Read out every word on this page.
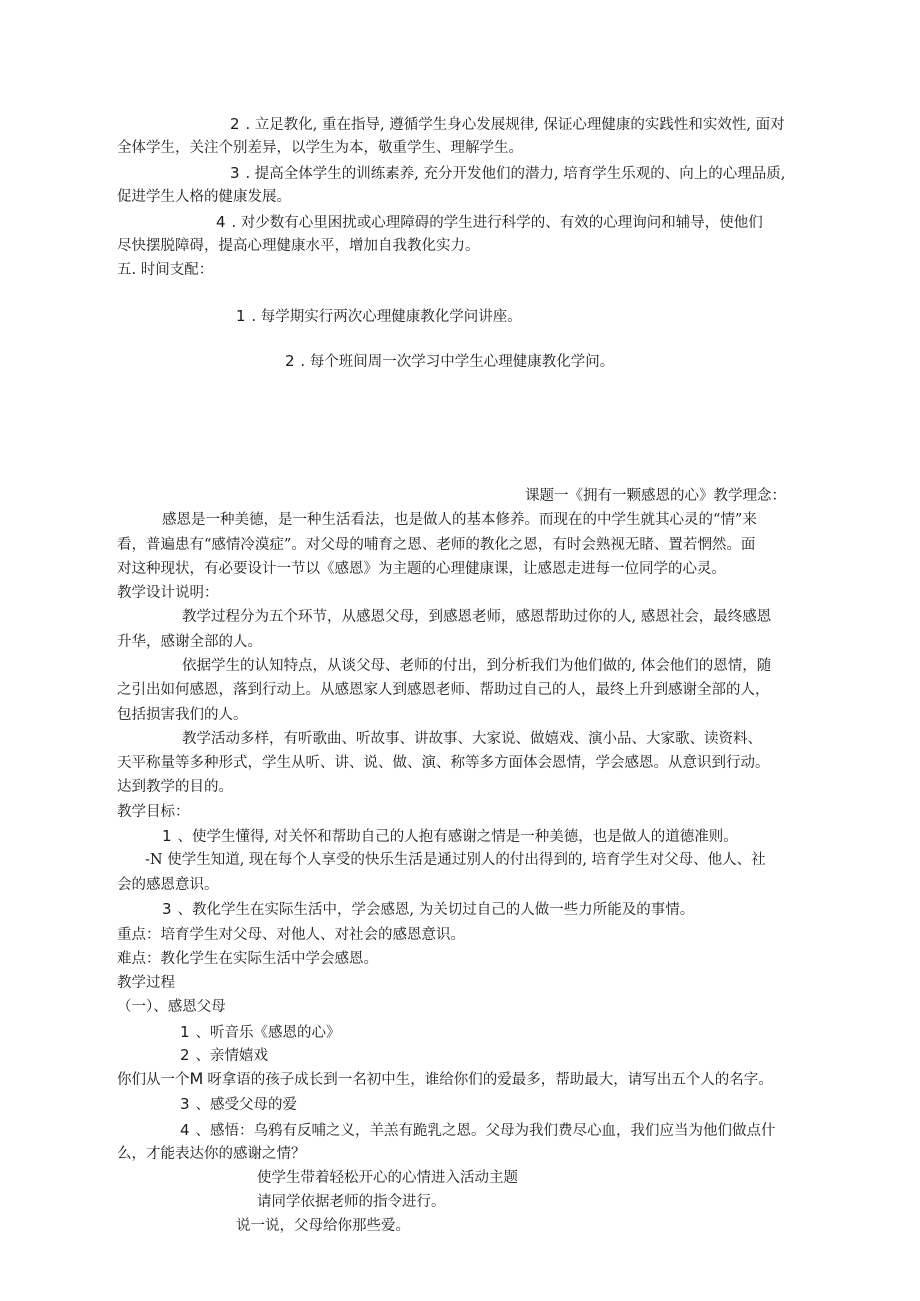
2 . 立足教化, 重在指导, 遵循学生身心发展规律, 保证心理健康的实践性和实效性, 面对
全体学生，关注个别差异，以学生为本，敬重学生、理解学生。
3 . 提高全体学生的训练素养, 充分开发他们的潜力, 培育学生乐观的、向上的心理品质,
促进学生人格的健康发展。
4 . 对少数有心里困扰或心理障碍的学生进行科学的、有效的心理询问和辅导，使他们
尽快摆脱障碍，提高心理健康水平，增加自我教化实力。
五. 时间支配：
1 . 每学期实行两次心理健康教化学问讲座。
2 . 每个班间周一次学习中学生心理健康教化学问。
课题一《拥有一颗感恩的心》教学理念：
感恩是一种美德，是一种生活看法，也是做人的基本修养。而现在的中学生就其心灵的“情”来
看，普遍患有“感情冷漠症”。对父母的哺育之恩、老师的教化之恩，有时会熟视无睹、置若惘然。面
对这种现状，有必要设计一节以《感恩》为主题的心理健康课，让感恩走进每一位同学的心灵。
教学设计说明：
教学过程分为五个环节，从感恩父母，到感恩老师，感恩帮助过你的人, 感恩社会，最终感恩
升华，感谢全部的人。
依据学生的认知特点，从谈父母、老师的付出，到分析我们为他们做的, 体会他们的恩情，随
之引出如何感恩，落到行动上。从感恩家人到感恩老师、帮助过自己的人，最终上升到感谢全部的人，
包括损害我们的人。
教学活动多样，有听歌曲、听故事、讲故事、大家说、做嬉戏、演小品、大家歌、读资料、
天平称量等多种形式，学生从听、讲、说、做、演、称等多方面体会恩情，学会感恩。从意识到行动。
达到教学的目的。
教学目标：
1 、使学生懂得, 对关怀和帮助自己的人抱有感谢之情是一种美德，也是做人的道德准则。
-N 使学生知道, 现在每个人享受的快乐生活是通过别人的付出得到的, 培育学生对父母、他人、社
会的感恩意识。
3 、教化学生在实际生活中，学会感恩, 为关切过自己的人做一些力所能及的事情。
重点：培育学生对父母、对他人、对社会的感恩意识。
难点：教化学生在实际生活中学会感恩。
教学过程
（一）、感恩父母
1 、听音乐《感恩的心》
2 、亲情嬉戏
你们从一个M 呀拿语的孩子成长到一名初中生，谁给你们的爱最多，帮助最大，请写出五个人的名字。
3 、感受父母的爱
4 、感悟：乌鸦有反哺之义，羊羔有跪乳之恩。父母为我们费尽心血，我们应当为他们做点什
么，才能表达你的感谢之情？
使学生带着轻松开心的心情进入活动主题
请同学依据老师的指令进行。
说一说，父母给你那些爱。
